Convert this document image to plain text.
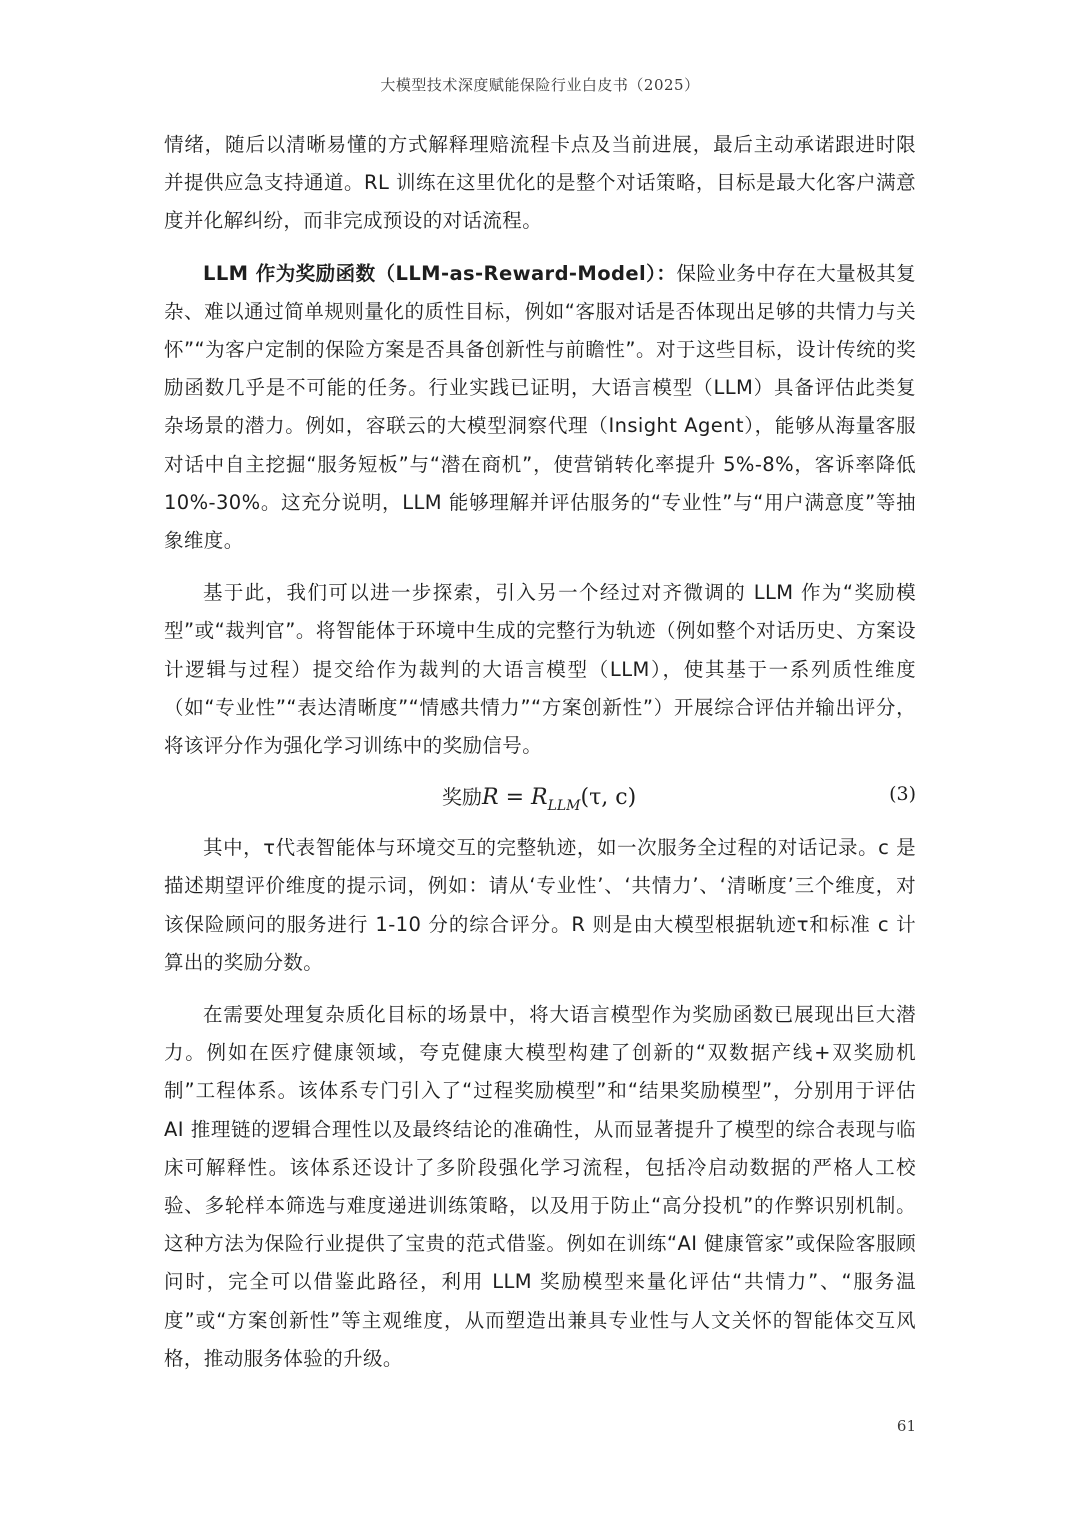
大模型技术深度赋能保险行业白皮书（2025）

情绪，随后以清晰易懂的方式解释理赔流程卡点及当前进展，最后主动承诺跟进时限并提供应急支持通道。RL 训练在这里优化的是整个对话策略，目标是最大化客户满意度并化解纠纷，而非完成预设的对话流程。

LLM 作为奖励函数（LLM-as-Reward-Model）：保险业务中存在大量极其复杂、难以通过简单规则量化的质性目标，例如“客服对话是否体现出足够的共情力与关怀”“为客户定制的保险方案是否具备创新性与前瞻性”。对于这些目标，设计传统的奖励函数几乎是不可能的任务。行业实践已证明，大语言模型（LLM）具备评估此类复杂场景的潜力。例如，容联云的大模型洞察代理（Insight Agent），能够从海量客服对话中自主挖掘“服务短板”与“潜在商机”，使营销转化率提升 5%-8%，客诉率降低 10%-30%。这充分说明，LLM 能够理解并评估服务的“专业性”与“用户满意度”等抽象维度。

基于此，我们可以进一步探索，引入另一个经过对齐微调的 LLM 作为“奖励模型”或“裁判官”。将智能体于环境中生成的完整行为轨迹（例如整个对话历史、方案设计逻辑与过程）提交给作为裁判的大语言模型（LLM），使其基于一系列质性维度（如“专业性”“表达清晰度”“情感共情力”“方案创新性”）开展综合评估并输出评分，将该评分作为强化学习训练中的奖励信号。

奖励$R = R_{LLM}(\tau$, c)	(3)

其中，τ代表智能体与环境交互的完整轨迹，如一次服务全过程的对话记录。c 是描述期望评价维度的提示词，例如：请从‘专业性’、‘共情力’、‘清晰度’三个维度，对该保险顾问的服务进行 1-10 分的综合评分。R 则是由大模型根据轨迹τ和标准 c 计算出的奖励分数。

在需要处理复杂质化目标的场景中，将大语言模型作为奖励函数已展现出巨大潜力。例如在医疗健康领域，夸克健康大模型构建了创新的“双数据产线+双奖励机制”工程体系。该体系专门引入了“过程奖励模型”和“结果奖励模型”，分别用于评估 AI 推理链的逻辑合理性以及最终结论的准确性，从而显著提升了模型的综合表现与临床可解释性。该体系还设计了多阶段强化学习流程，包括冷启动数据的严格人工校验、多轮样本筛选与难度递进训练策略，以及用于防止“高分投机”的作弊识别机制。这种方法为保险行业提供了宝贵的范式借鉴。例如在训练“AI 健康管家”或保险客服顾问时，完全可以借鉴此路径，利用 LLM 奖励模型来量化评估“共情力”、“服务温度”或“方案创新性”等主观维度，从而塑造出兼具专业性与人文关怀的智能体交互风格，推动服务体验的升级。

61
